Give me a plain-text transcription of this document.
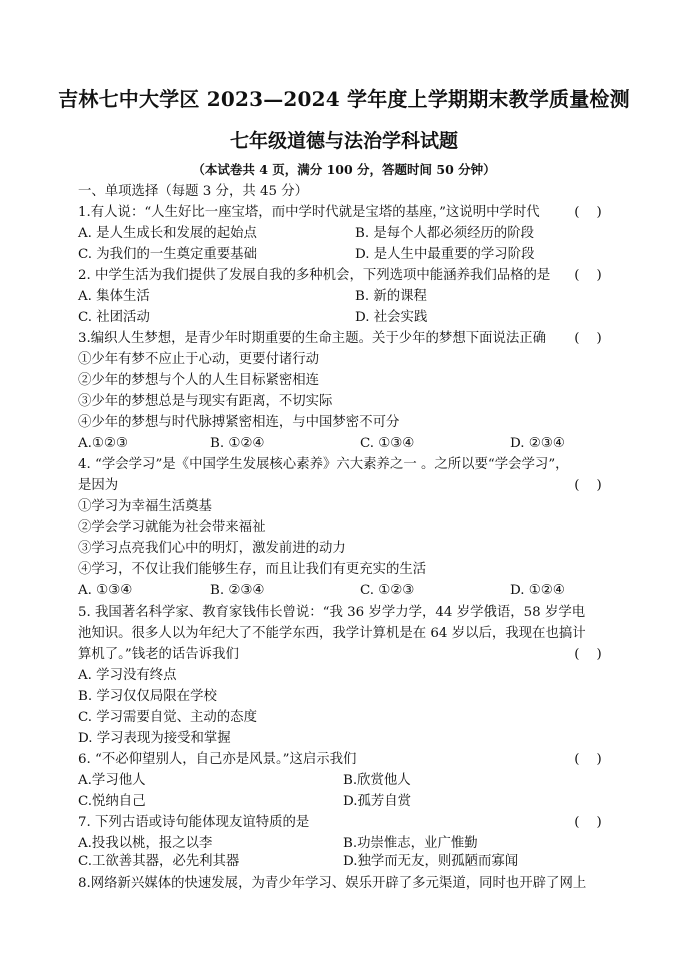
吉林七中大学区 2023—2024 学年度上学期期末教学质量检测
七年级道德与法治学科试题
（本试卷共 4 页，满分 100 分，答题时间 50 分钟）
一、单项选择（每题 3 分，共 45 分）
1.有人说：“人生好比一座宝塔，而中学时代就是宝塔的基座，”这说明中学时代	(    )
A. 是人生成长和发展的起始点	B. 是每个人都必须经历的阶段
C. 为我们的一生奠定重要基础	D. 是人生中最重要的学习阶段
2. 中学生活为我们提供了发展自我的多种机会，下列选项中能涵养我们品格的是	(    )
A. 集体生活	B. 新的课程
C. 社团活动	D. 社会实践
3.编织人生梦想，是青少年时期重要的生命主题。关于少年的梦想下面说法正确	(    )
①少年有梦不应止于心动，更要付诸行动
②少年的梦想与个人的人生目标紧密相连
③少年的梦想总是与现实有距离，不切实际
④少年的梦想与时代脉搏紧密相连，与中国梦密不可分
A.①②③	B. ①②④	C. ①③④	D. ②③④
4. “学会学习”是《中国学生发展核心素养》六大素养之一 。之所以要“学会学习”，
是因为	(    )
①学习为幸福生活奠基
②学会学习就能为社会带来福祉
③学习点亮我们心中的明灯，激发前进的动力
④学习，不仅让我们能够生存，而且让我们有更充实的生活
A. ①③④	B. ②③④	C. ①②③	D. ①②④
5. 我国著名科学家、教育家钱伟长曾说：“我 36 岁学力学，44 岁学俄语，58 岁学电
池知识。很多人以为年纪大了不能学东西，我学计算机是在 64 岁以后，我现在也搞计
算机了。”钱老的话告诉我们	(    )
A. 学习没有终点
B. 学习仅仅局限在学校
C. 学习需要自觉、主动的态度
D. 学习表现为接受和掌握
6. “不必仰望别人，自己亦是风景。”这启示我们	(    )
A.学习他人	B.欣赏他人
C.悦纳自己	D.孤芳自赏
7. 下列古语或诗句能体现友谊特质的是	(    )
A.投我以桃，报之以李	B.功崇惟志，业广惟勤
C.工欲善其器，必先利其器	D.独学而无友，则孤陋而寡闻
8.网络新兴媒体的快速发展，为青少年学习、娱乐开辟了多元渠道，同时也开辟了网上
